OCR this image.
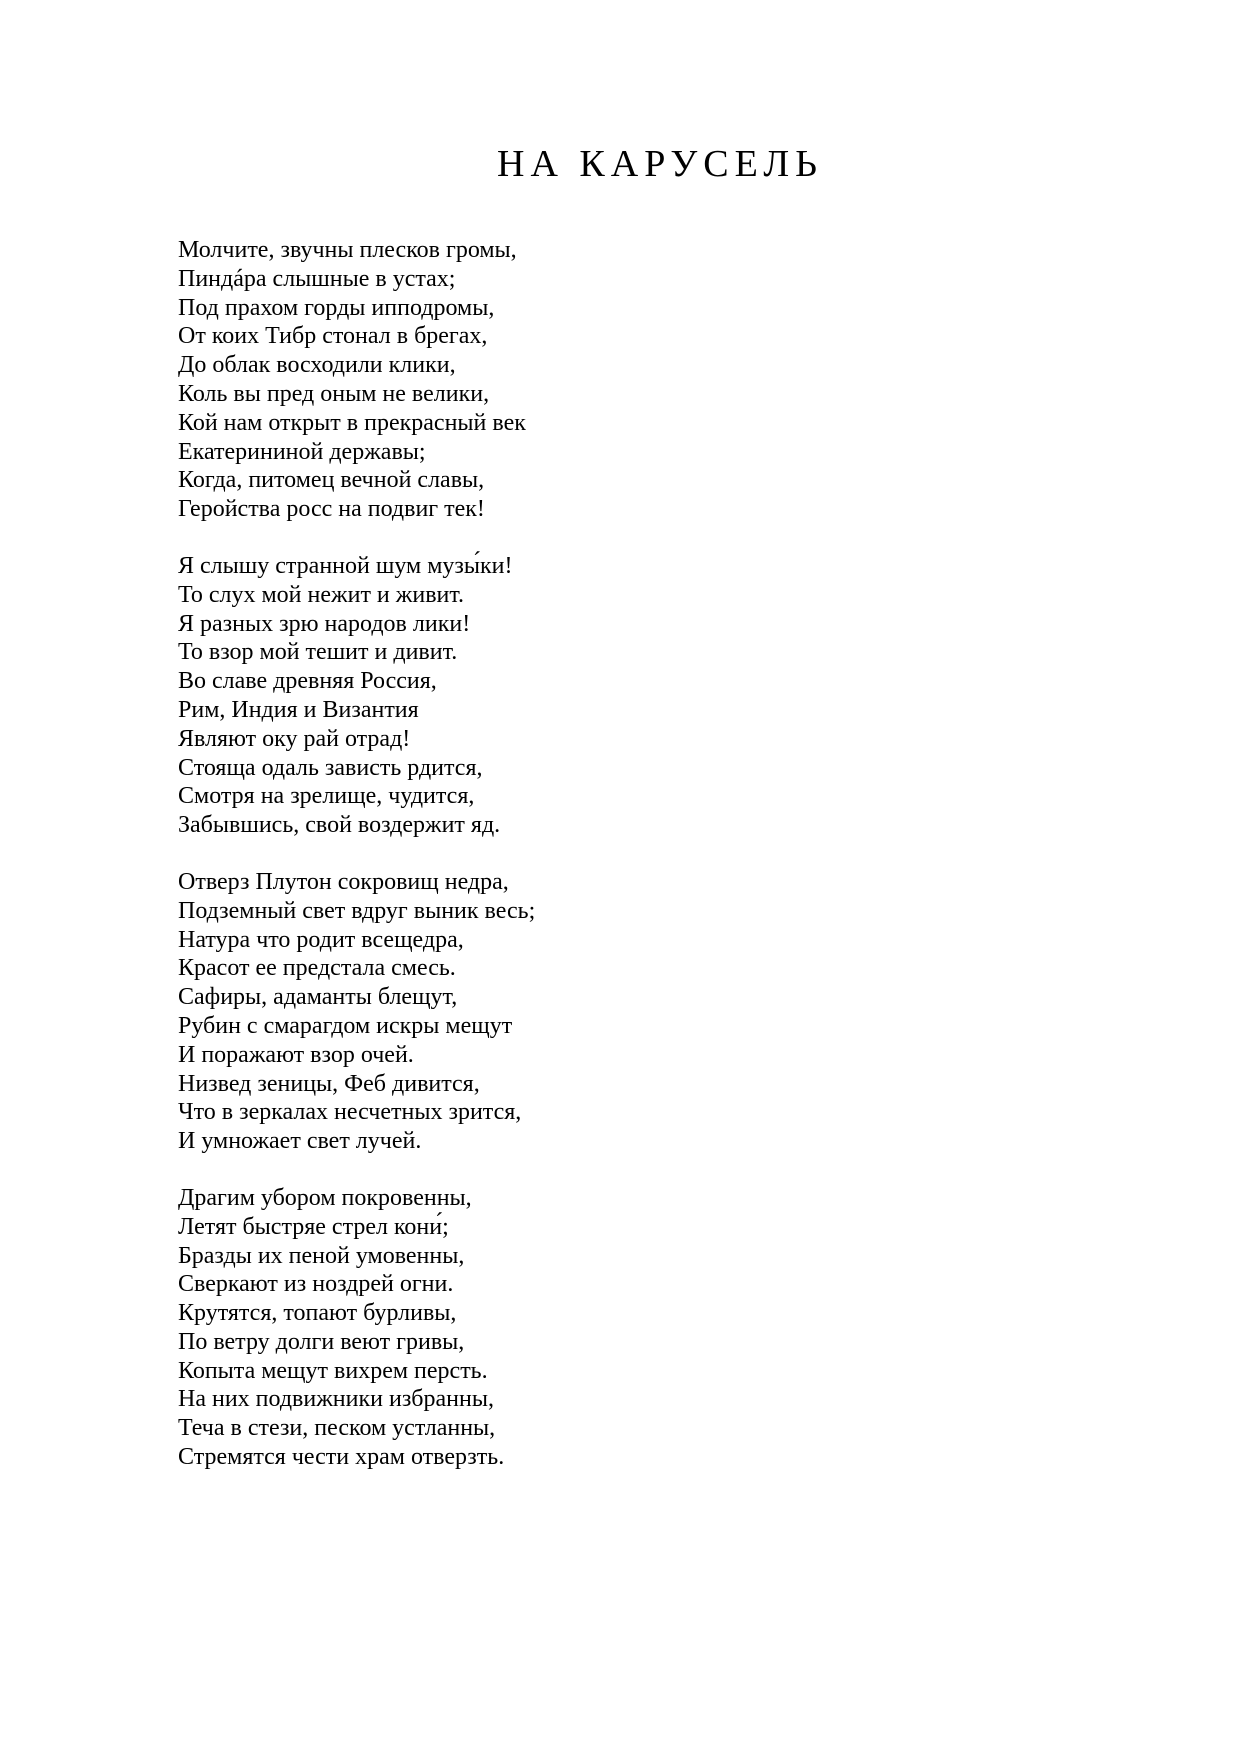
НА КАРУСЕЛЬ
Молчите, звучны плесков громы,
Пиндáра слышные в устах;
Под прахом горды ипподромы,
От коих Тибр стонал в брегах,
До облак восходили клики,
Коль вы пред оным не велики,
Кой нам открыт в прекрасный век
Екатерининой державы;
Когда, питомец вечной славы,
Геройства росс на подвиг тек!
Я слышу странной шум музы́ки!
То слух мой нежит и живит.
Я разных зрю народов лики!
То взор мой тешит и дивит.
Во славе древняя Россия,
Рим, Индия и Византия
Являют оку рай отрад!
Стояща одаль зависть рдится,
Смотря на зрелище, чудится,
Забывшись, свой воздержит яд.
Отверз Плутон сокровищ недра,
Подземный свет вдруг выник весь;
Натура что родит всещедра,
Красот ее предстала смесь.
Сафиры, адаманты блещут,
Рубин с смарагдом искры мещут
И поражают взор очей.
Низвед зеницы, Феб дивится,
Что в зеркалах несчетных зрится,
И умножает свет лучей.
Драгим убором покровенны,
Летят быстряе стрел кони́;
Бразды их пеной умовенны,
Сверкают из ноздрей огни.
Крутятся, топают бурливы,
По ветру долги веют гривы,
Копыта мещут вихрем персть.
На них подвижники избранны,
Теча в стези, песком устланны,
Стремятся чести храм отверзть.
